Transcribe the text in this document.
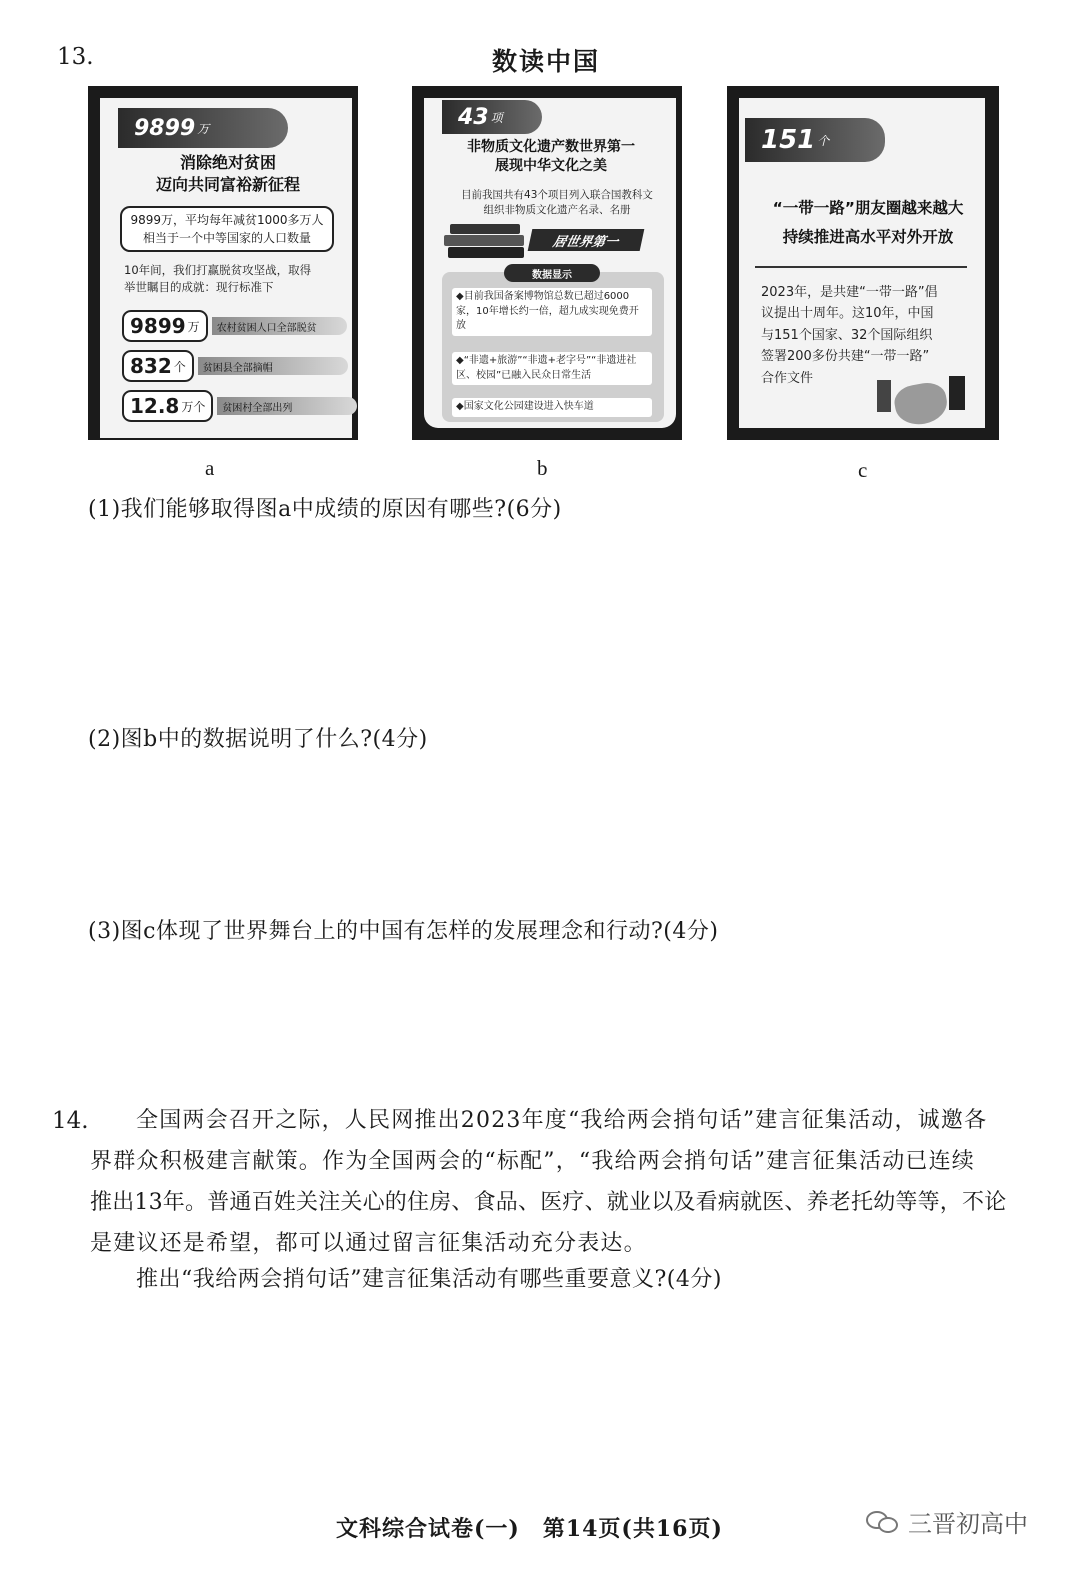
13.	数读中国
9899 万
消除绝对贫困
迈向共同富裕新征程
9899万，平均每年减贫1000多万人
相当于一个中等国家的人口数量
10年间，我们打赢脱贫攻坚战，取得
举世瞩目的成就：现行标准下
9899 万	农村贫困人口全部脱贫
832 个	贫困县全部摘帽
12.8 万个	贫困村全部出列
43 项
非物质文化遗产数世界第一
展现中华文化之美
目前我国共有43个项目列入联合国教科文
组织非物质文化遗产名录、名册
居世界第一
数据显示
◆目前我国备案博物馆总数已超过6000家，10年增长约一倍，超九成实现免费开放
◆“非遗+旅游”“非遗+老字号”“非遗进社区、校园”已融入民众日常生活
◆国家文化公园建设进入快车道
151 个
“一带一路”朋友圈越来越大
持续推进高水平对外开放
2023年，是共建“一带一路”倡
议提出十周年。这10年，中国
与151个国家、32个国际组织
签署200多份共建“一带一路”
合作文件
a	b	c
(1)我们能够取得图a中成绩的原因有哪些?(6分)
(2)图b中的数据说明了什么?(4分)
(3)图c体现了世界舞台上的中国有怎样的发展理念和行动?(4分)
14.	全国两会召开之际，人民网推出2023年度“我给两会捎句话”建言征集活动，诚邀各
界群众积极建言献策。作为全国两会的“标配”，“我给两会捎句话”建言征集活动已连续
推出13年。普通百姓关注关心的住房、食品、医疗、就业以及看病就医、养老托幼等等，不论
是建议还是希望，都可以通过留言征集活动充分表达。
推出“我给两会捎句话”建言征集活动有哪些重要意义?(4分)
文科综合试卷(一)　第14页(共16页)	三晋初高中
